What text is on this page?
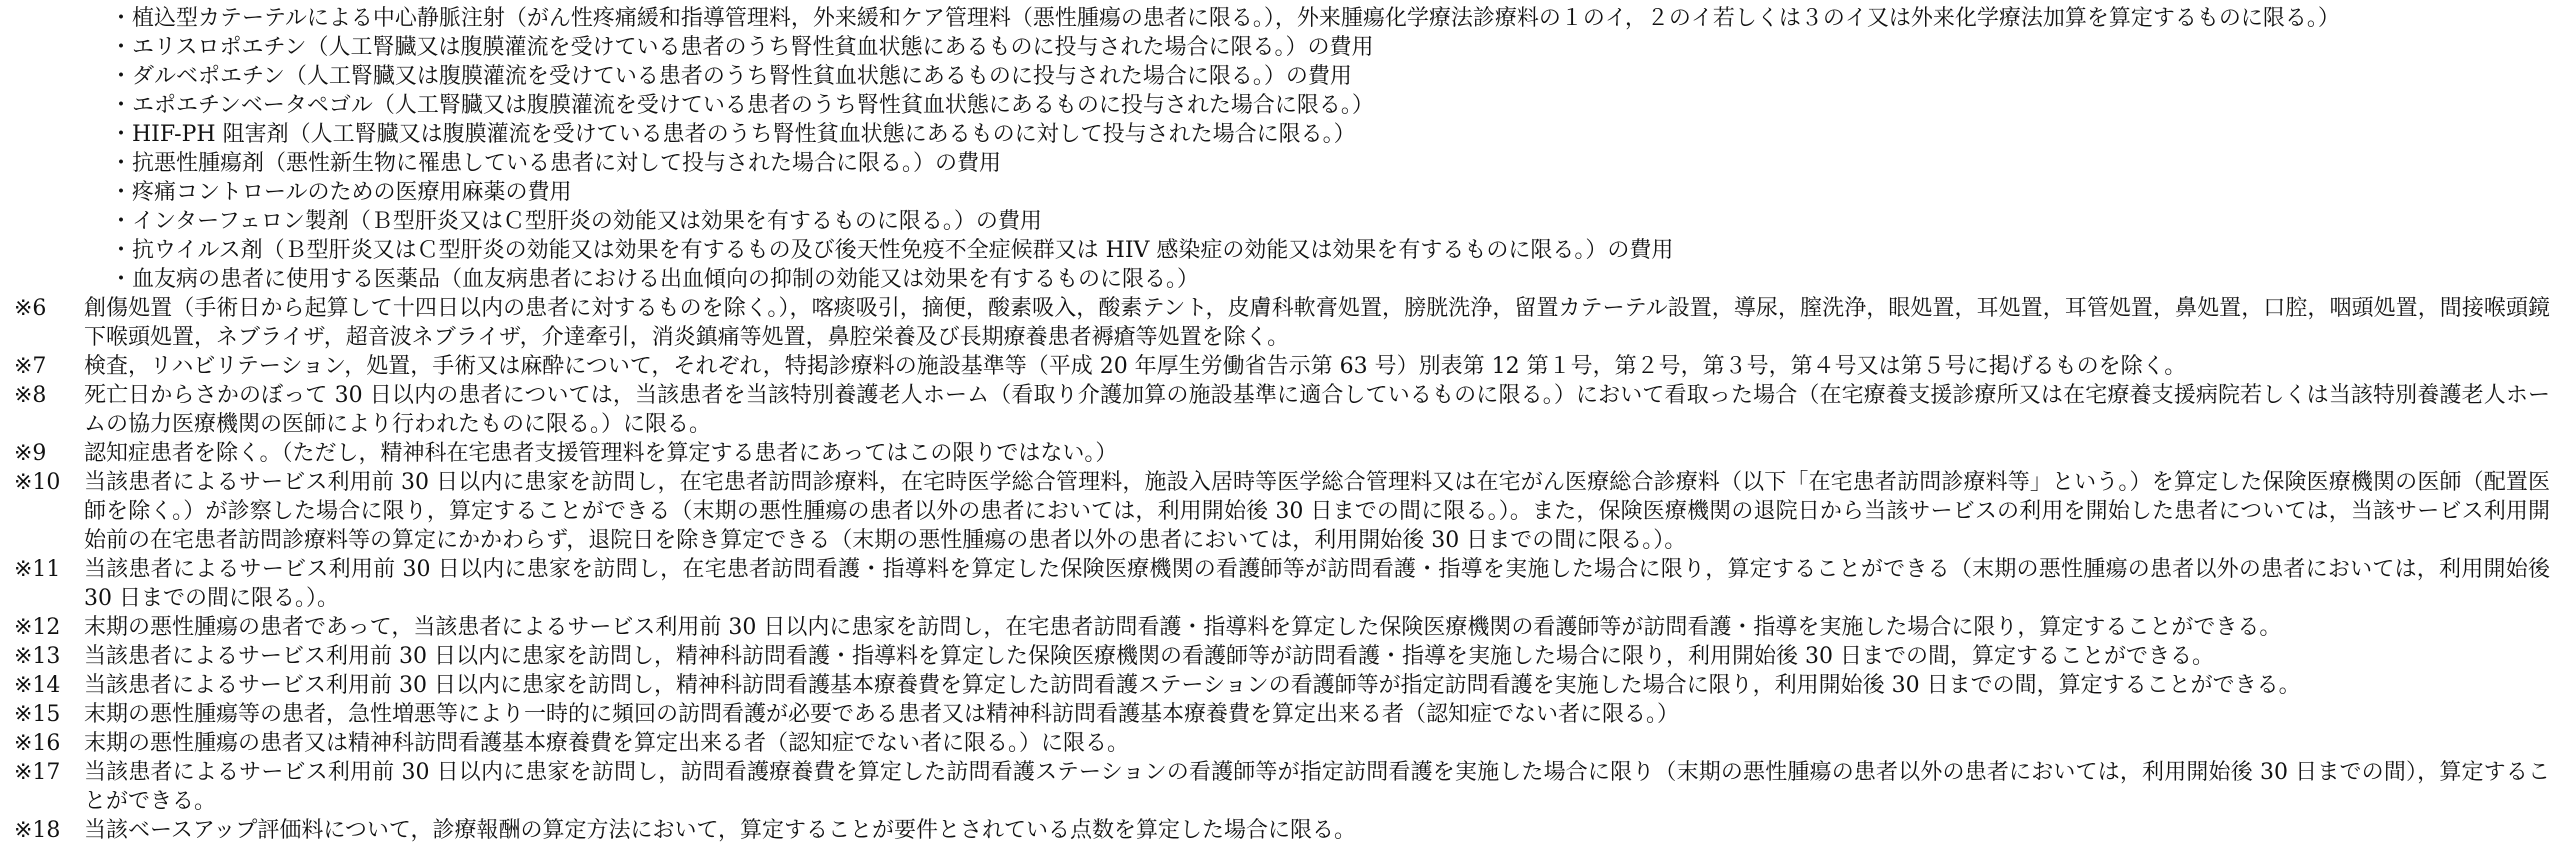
・植込型カテーテルによる中心静脈注射（がん性疼痛緩和指導管理料，外来緩和ケア管理料（悪性腫瘍の患者に限る。），外来腫瘍化学療法診療料の１のイ，２のイ若しくは３のイ又は外来化学療法加算を算定するものに限る。）
・エリスロポエチン（人工腎臓又は腹膜灌流を受けている患者のうち腎性貧血状態にあるものに投与された場合に限る。）の費用
・ダルベポエチン（人工腎臓又は腹膜灌流を受けている患者のうち腎性貧血状態にあるものに投与された場合に限る。）の費用
・エポエチンベータペゴル（人工腎臓又は腹膜灌流を受けている患者のうち腎性貧血状態にあるものに投与された場合に限る。）
・HIF-PH 阻害剤（人工腎臓又は腹膜灌流を受けている患者のうち腎性貧血状態にあるものに対して投与された場合に限る。）
・抗悪性腫瘍剤（悪性新生物に罹患している患者に対して投与された場合に限る。）の費用
・疼痛コントロールのための医療用麻薬の費用
・インターフェロン製剤（Ｂ型肝炎又はＣ型肝炎の効能又は効果を有するものに限る。）の費用
・抗ウイルス剤（Ｂ型肝炎又はＣ型肝炎の効能又は効果を有するもの及び後天性免疫不全症候群又は HIV 感染症の効能又は効果を有するものに限る。）の費用
・血友病の患者に使用する医薬品（血友病患者における出血傾向の抑制の効能又は効果を有するものに限る。）
※6	創傷処置（手術日から起算して十四日以内の患者に対するものを除く。），喀痰吸引，摘便，酸素吸入，酸素テント，皮膚科軟膏処置，膀胱洗浄，留置カテーテル設置，導尿，膣洗浄，眼処置，耳処置，耳管処置，鼻処置，口腔，咽頭処置，間接喉頭鏡下喉頭処置，ネブライザ，超音波ネブライザ，介達牽引，消炎鎮痛等処置，鼻腔栄養及び長期療養患者褥瘡等処置を除く。
※7	検査，リハビリテーション，処置，手術又は麻酔について，それぞれ，特掲診療料の施設基準等（平成 20 年厚生労働省告示第 63 号）別表第 12 第１号，第２号，第３号，第４号又は第５号に掲げるものを除く。
※8	死亡日からさかのぼって 30 日以内の患者については，当該患者を当該特別養護老人ホーム（看取り介護加算の施設基準に適合しているものに限る。）において看取った場合（在宅療養支援診療所又は在宅療養支援病院若しくは当該特別養護老人ホームの協力医療機関の医師により行われたものに限る。）に限る。
※9	認知症患者を除く。（ただし，精神科在宅患者支援管理料を算定する患者にあってはこの限りではない。）
※10	当該患者によるサービス利用前 30 日以内に患家を訪問し，在宅患者訪問診療料，在宅時医学総合管理料，施設入居時等医学総合管理料又は在宅がん医療総合診療料（以下「在宅患者訪問診療料等」という。）を算定した保険医療機関の医師（配置医師を除く。）が診察した場合に限り，算定することができる（末期の悪性腫瘍の患者以外の患者においては，利用開始後 30 日までの間に限る。）。また，保険医療機関の退院日から当該サービスの利用を開始した患者については，当該サービス利用開始前の在宅患者訪問診療料等の算定にかかわらず，退院日を除き算定できる（末期の悪性腫瘍の患者以外の患者においては，利用開始後 30 日までの間に限る。）。
※11	当該患者によるサービス利用前 30 日以内に患家を訪問し，在宅患者訪問看護・指導料を算定した保険医療機関の看護師等が訪問看護・指導を実施した場合に限り，算定することができる（末期の悪性腫瘍の患者以外の患者においては，利用開始後 30 日までの間に限る。）。
※12	末期の悪性腫瘍の患者であって，当該患者によるサービス利用前 30 日以内に患家を訪問し，在宅患者訪問看護・指導料を算定した保険医療機関の看護師等が訪問看護・指導を実施した場合に限り，算定することができる。
※13	当該患者によるサービス利用前 30 日以内に患家を訪問し，精神科訪問看護・指導料を算定した保険医療機関の看護師等が訪問看護・指導を実施した場合に限り，利用開始後 30 日までの間，算定することができる。
※14	当該患者によるサービス利用前 30 日以内に患家を訪問し，精神科訪問看護基本療養費を算定した訪問看護ステーションの看護師等が指定訪問看護を実施した場合に限り，利用開始後 30 日までの間，算定することができる。
※15	末期の悪性腫瘍等の患者，急性増悪等により一時的に頻回の訪問看護が必要である患者又は精神科訪問看護基本療養費を算定出来る者（認知症でない者に限る。）
※16	末期の悪性腫瘍の患者又は精神科訪問看護基本療養費を算定出来る者（認知症でない者に限る。）に限る。
※17	当該患者によるサービス利用前 30 日以内に患家を訪問し，訪問看護療養費を算定した訪問看護ステーションの看護師等が指定訪問看護を実施した場合に限り（末期の悪性腫瘍の患者以外の患者においては，利用開始後 30 日までの間），算定することができる。
※18	当該ベースアップ評価料について，診療報酬の算定方法において，算定することが要件とされている点数を算定した場合に限る。
